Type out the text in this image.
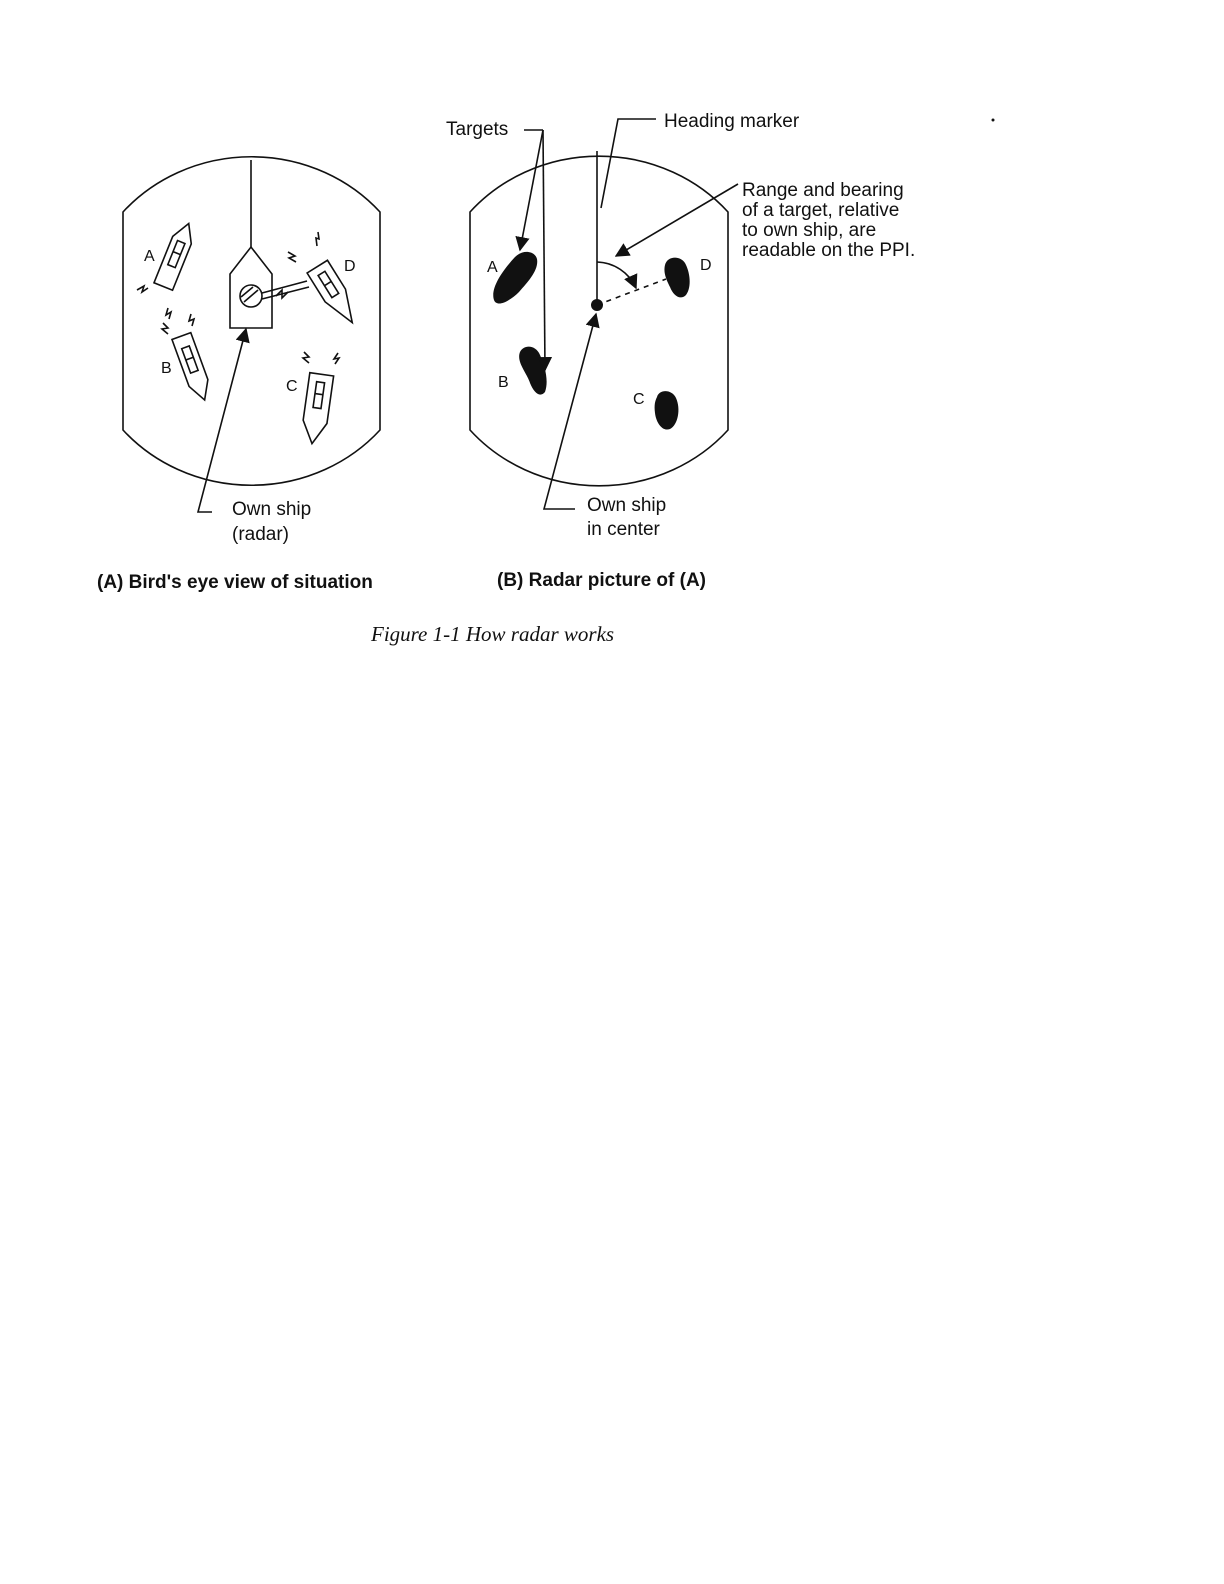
A
B
C
D
Own ship
(radar)
Heading marker
A
B
C
D
Targets
Range and bearing
of a target, relative
to own ship, are
readable on the PPI.
Own ship
in center
(A) Bird's eye view of situation	(B) Radar picture of (A)
Figure 1-1 How radar works
